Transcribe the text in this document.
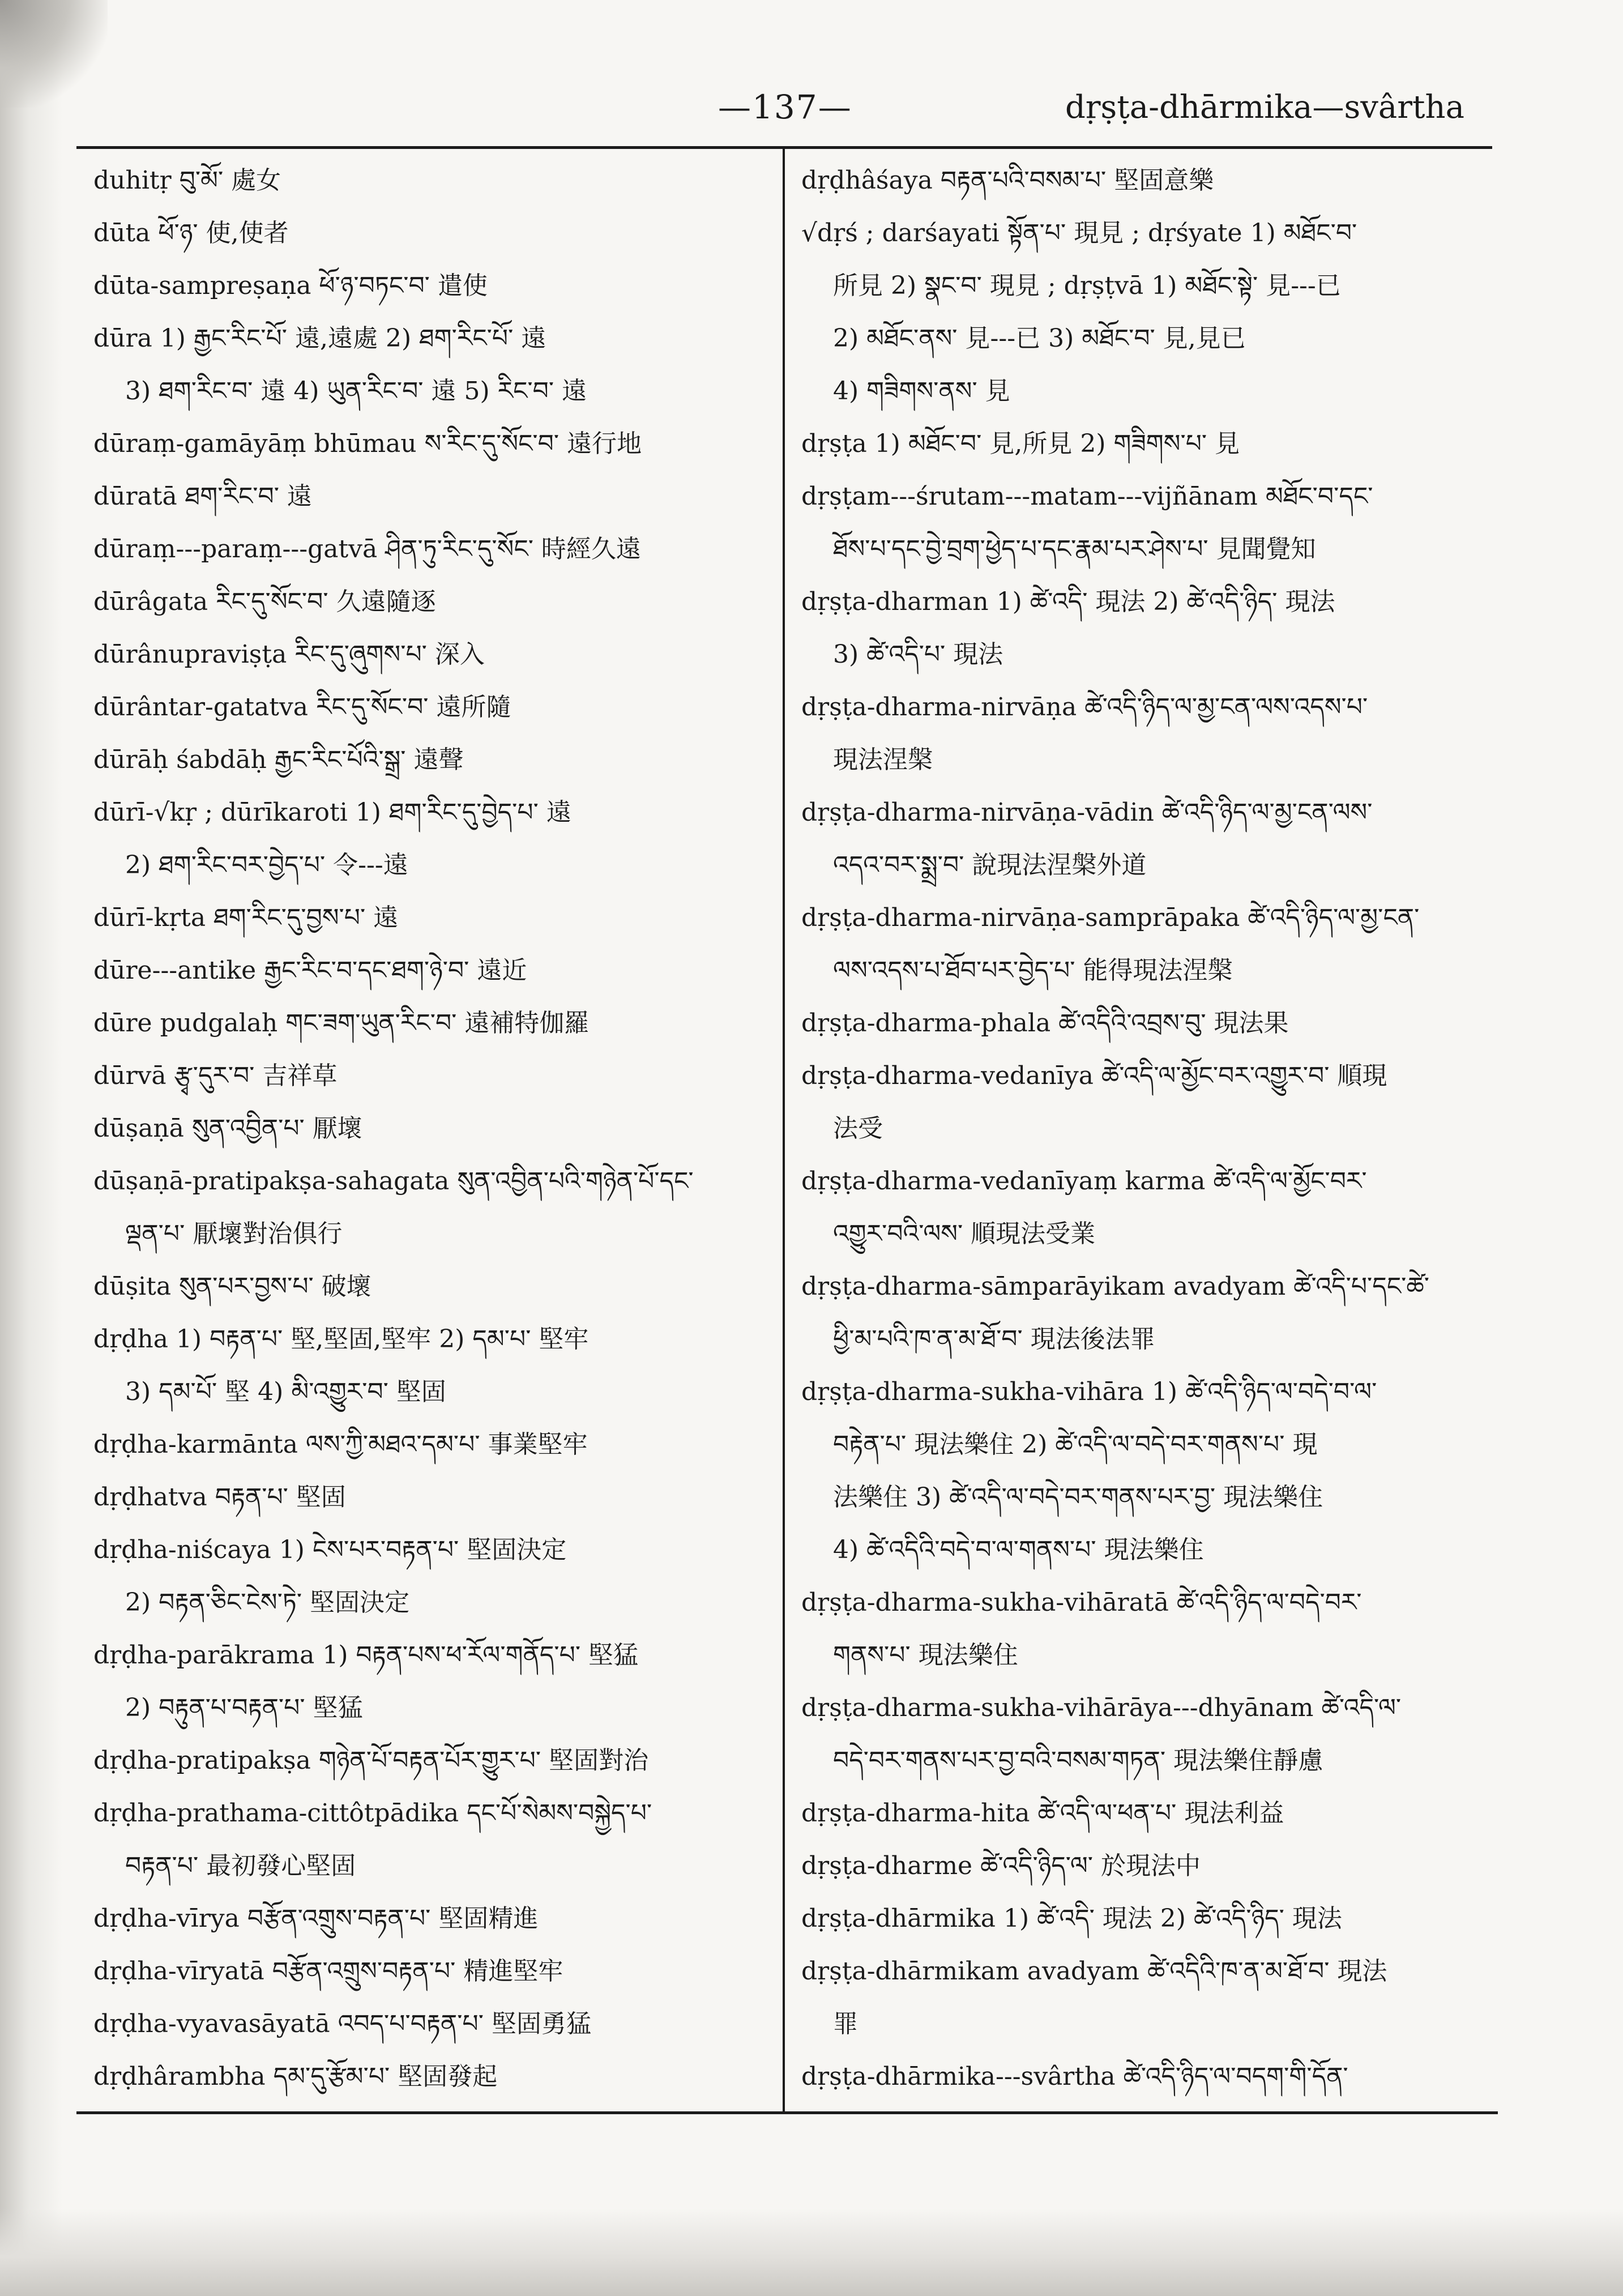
—137—	dṛṣṭa-dhārmika—svârtha
duhitṛ བུ་མོ་ 處女
dūta ཕོ་ཉ་ 使,使者
dūta-sampreṣaṇa ཕོ་ཉ་བཏང་བ་ 遣使
dūra 1) རྒྱང་རིང་པོ་ 遠,遠處 2) ཐག་རིང་པོ་ 遠
3) ཐག་རིང་བ་ 遠 4) ཡུན་རིང་བ་ 遠 5) རིང་བ་ 遠
dūraṃ-gamāyāṃ bhūmau ས་རིང་དུ་སོང་བ་ 遠行地
dūratā ཐག་རིང་བ་ 遠
dūraṃ---paraṃ---gatvā ཤིན་ཏུ་རིང་དུ་སོང་ 時經久遠
dūrâgata རིང་དུ་སོང་བ་ 久遠隨逐
dūrânupraviṣṭa རིང་དུ་ཞུགས་པ་ 深入
dūrântar-gatatva རིང་དུ་སོང་བ་ 遠所隨
dūrāḥ śabdāḥ རྒྱང་རིང་པོའི་སྒྲ་ 遠聲
dūrī-√kṛ ; dūrīkaroti 1) ཐག་རིང་དུ་བྱེད་པ་ 遠
2) ཐག་རིང་བར་བྱེད་པ་ 令---遠
dūrī-kṛta ཐག་རིང་དུ་བྱས་པ་ 遠
dūre---antike རྒྱང་རིང་བ་དང་ཐག་ཉེ་བ་ 遠近
dūre pudgalaḥ གང་ཟག་ཡུན་རིང་བ་ 遠補特伽羅
dūrvā རྩྭ་དུར་བ་ 吉祥草
dūṣaṇā སུན་འབྱིན་པ་ 厭壞
dūṣaṇā-pratipakṣa-sahagata སུན་འབྱིན་པའི་གཉེན་པོ་དང་
ལྡན་པ་ 厭壞對治俱行
dūṣita སུན་པར་བྱས་པ་ 破壞
dṛḍha 1) བརྟན་པ་ 堅,堅固,堅牢 2) དམ་པ་ 堅牢
3) དམ་པོ་ 堅 4) མི་འགྱུར་བ་ 堅固
dṛḍha-karmānta ལས་ཀྱི་མཐའ་དམ་པ་ 事業堅牢
dṛḍhatva བརྟན་པ་ 堅固
dṛḍha-niścaya 1) ངེས་པར་བརྟན་པ་ 堅固決定
2) བརྟན་ཅིང་ངེས་ཏེ་ 堅固決定
dṛḍha-parākrama 1) བརྟན་པས་ཕ་རོལ་གནོད་པ་ 堅猛
2) བརྟུན་པ་བརྟན་པ་ 堅猛
dṛḍha-pratipakṣa གཉེན་པོ་བརྟན་པོར་གྱུར་པ་ 堅固對治
dṛḍha-prathama-cittôtpādika དང་པོ་སེམས་བསྐྱེད་པ་
བརྟན་པ་ 最初發心堅固
dṛḍha-vīrya བརྩོན་འགྲུས་བརྟན་པ་ 堅固精進
dṛḍha-vīryatā བརྩོན་འགྲུས་བརྟན་པ་ 精進堅牢
dṛḍha-vyavasāyatā འབད་པ་བརྟན་པ་ 堅固勇猛
dṛḍhârambha དམ་དུ་རྩོམ་པ་ 堅固發起
dṛḍhâśaya བརྟན་པའི་བསམ་པ་ 堅固意樂
√dṛś ; darśayati སྟོན་པ་ 現見 ; dṛśyate 1) མཐོང་བ་
所見 2) སྣང་བ་ 現見 ; dṛṣṭvā 1) མཐོང་སྟེ་ 見---已
2) མཐོང་ནས་ 見---已 3) མཐོང་བ་ 見,見已
4) གཟིགས་ནས་ 見
dṛṣṭa 1) མཐོང་བ་ 見,所見 2) གཟིགས་པ་ 見
dṛṣṭam---śrutam---matam---vijñānam མཐོང་བ་དང་
ཐོས་པ་དང་བྱེ་བྲག་ཕྱེད་པ་དང་རྣམ་པར་ཤེས་པ་ 見聞覺知
dṛṣṭa-dharman 1) ཚེ་འདི་ 現法 2) ཚེ་འདི་ཉིད་ 現法
3) ཚེ་འདི་པ་ 現法
dṛṣṭa-dharma-nirvāṇa ཚེ་འདི་ཉིད་ལ་མྱ་ངན་ལས་འདས་པ་
現法涅槃
dṛṣṭa-dharma-nirvāṇa-vādin ཚེ་འདི་ཉིད་ལ་མྱ་ངན་ལས་
འདའ་བར་སྨྲ་བ་ 說現法涅槃外道
dṛṣṭa-dharma-nirvāṇa-samprāpaka ཚེ་འདི་ཉིད་ལ་མྱ་ངན་
ལས་འདས་པ་ཐོབ་པར་བྱེད་པ་ 能得現法涅槃
dṛṣṭa-dharma-phala ཚེ་འདིའི་འབྲས་བུ་ 現法果
dṛṣṭa-dharma-vedanīya ཚེ་འདི་ལ་མྱོང་བར་འགྱུར་བ་ 順現
法受
dṛṣṭa-dharma-vedanīyaṃ karma ཚེ་འདི་ལ་མྱོང་བར་
འགྱུར་བའི་ལས་ 順現法受業
dṛṣṭa-dharma-sāmparāyikam avadyam ཚེ་འདི་པ་དང་ཚེ་
ཕྱི་མ་པའི་ཁ་ན་མ་ཐོ་བ་ 現法後法罪
dṛṣṭa-dharma-sukha-vihāra 1) ཚེ་འདི་ཉིད་ལ་བདེ་བ་ལ་
བརྟེན་པ་ 現法樂住 2) ཚེ་འདི་ལ་བདེ་བར་གནས་པ་ 現
法樂住 3) ཚེ་འདི་ལ་བདེ་བར་གནས་པར་བྱ་ 現法樂住
4) ཚེ་འདིའི་བདེ་བ་ལ་གནས་པ་ 現法樂住
dṛṣṭa-dharma-sukha-vihāratā ཚེ་འདི་ཉིད་ལ་བདེ་བར་
གནས་པ་ 現法樂住
dṛṣṭa-dharma-sukha-vihārāya---dhyānam ཚེ་འདི་ལ་
བདེ་བར་གནས་པར་བྱ་བའི་བསམ་གཏན་ 現法樂住靜慮
dṛṣṭa-dharma-hita ཚེ་འདི་ལ་ཕན་པ་ 現法利益
dṛṣṭa-dharme ཚེ་འདི་ཉིད་ལ་ 於現法中
dṛṣṭa-dhārmika 1) ཚེ་འདི་ 現法 2) ཚེ་འདི་ཉིད་ 現法
dṛṣṭa-dhārmikam avadyam ཚེ་འདིའི་ཁ་ན་མ་ཐོ་བ་ 現法
罪
dṛṣṭa-dhārmika---svârtha ཚེ་འདི་ཉིད་ལ་བདག་གི་དོན་
